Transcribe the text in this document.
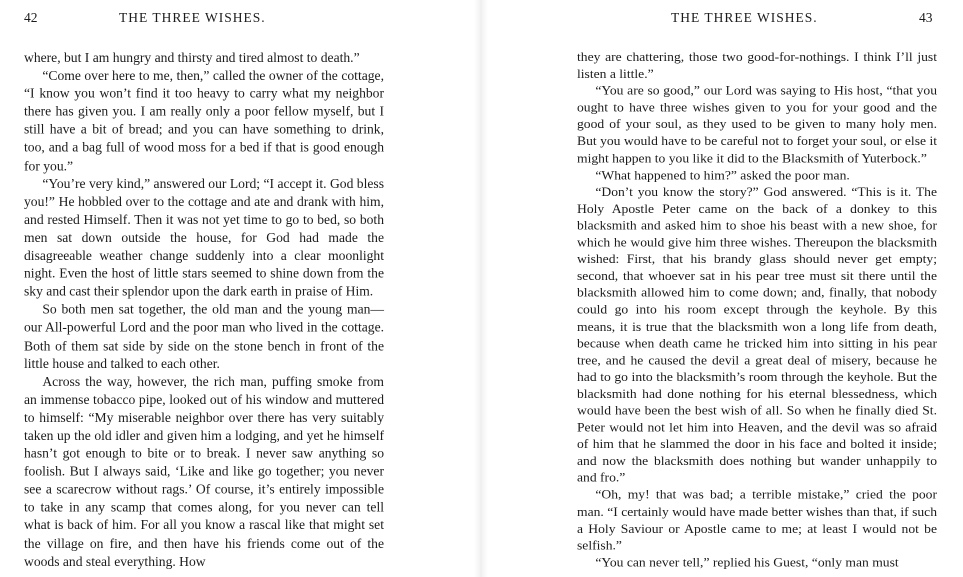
42	THE THREE WISHES.

where, but I am hungry and thirsty and tired almost to death.”

“Come over here to me, then,” called the owner of the cottage, “I know you won’t find it too heavy to carry what my neighbor there has given you. I am really only a poor fellow myself, but I still have a bit of bread; and you can have something to drink, too, and a bag full of wood moss for a bed if that is good enough for you.”

“You’re very kind,” answered our Lord; “I accept it. God bless you!” He hobbled over to the cottage and ate and drank with him, and rested Himself. Then it was not yet time to go to bed, so both men sat down outside the house, for God had made the disagreeable weather change suddenly into a clear moonlight night. Even the host of little stars seemed to shine down from the sky and cast their splendor upon the dark earth in praise of Him.

So both men sat together, the old man and the young man—our All-powerful Lord and the poor man who lived in the cottage. Both of them sat side by side on the stone bench in front of the little house and talked to each other.

Across the way, however, the rich man, puffing smoke from an immense tobacco pipe, looked out of his window and muttered to himself: “My miserable neighbor over there has very suitably taken up the old idler and given him a lodging, and yet he himself hasn’t got enough to bite or to break. I never saw anything so foolish. But I always said, ‘Like and like go together; you never see a scarecrow without rags.’ Of course, it’s entirely impossible to take in any scamp that comes along, for you never can tell what is back of him. For all you know a rascal like that might set the village on fire, and then have his friends come out of the woods and steal everything. How

THE THREE WISHES.	43

they are chattering, those two good-for-nothings. I think I’ll just listen a little.”

“You are so good,” our Lord was saying to His host, “that you ought to have three wishes given to you for your good and the good of your soul, as they used to be given to many holy men. But you would have to be careful not to forget your soul, or else it might happen to you like it did to the Blacksmith of Yuterbock.”

“What happened to him?” asked the poor man.

“Don’t you know the story?” God answered. “This is it. The Holy Apostle Peter came on the back of a donkey to this blacksmith and asked him to shoe his beast with a new shoe, for which he would give him three wishes. Thereupon the blacksmith wished: First, that his brandy glass should never get empty; second, that whoever sat in his pear tree must sit there until the blacksmith allowed him to come down; and, finally, that nobody could go into his room except through the keyhole. By this means, it is true that the blacksmith won a long life from death, because when death came he tricked him into sitting in his pear tree, and he caused the devil a great deal of misery, because he had to go into the blacksmith’s room through the keyhole. But the blacksmith had done nothing for his eternal blessedness, which would have been the best wish of all. So when he finally died St. Peter would not let him into Heaven, and the devil was so afraid of him that he slammed the door in his face and bolted it inside; and now the blacksmith does nothing but wander unhappily to and fro.”

“Oh, my! that was bad; a terrible mistake,” cried the poor man. “I certainly would have made better wishes than that, if such a Holy Saviour or Apostle came to me; at least I would not be selfish.”

“You can never tell,” replied his Guest, “only man must
